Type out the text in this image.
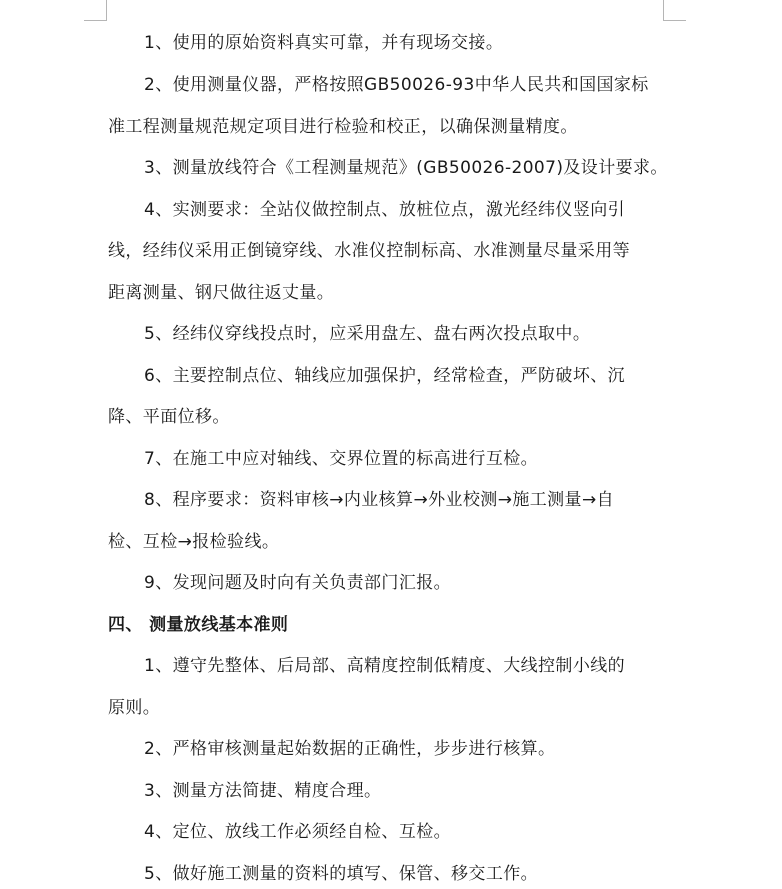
1、使用的原始资料真实可靠，并有现场交接。
2、使用测量仪器，严格按照GB50026-93中华人民共和国国家标
准工程测量规范规定项目进行检验和校正，以确保测量精度。
3、测量放线符合《工程测量规范》(GB50026-2007)及设计要求。
4、实测要求：全站仪做控制点、放桩位点，激光经纬仪竖向引
线，经纬仪采用正倒镜穿线、水准仪控制标高、水准测量尽量采用等
距离测量、钢尺做往返丈量。
5、经纬仪穿线投点时，应采用盘左、盘右两次投点取中。
6、主要控制点位、轴线应加强保护，经常检查，严防破坏、沉
降、平面位移。
7、在施工中应对轴线、交界位置的标高进行互检。
8、程序要求：资料审核→内业核算→外业校测→施工测量→自
检、互检→报检验线。
9、发现问题及时向有关负责部门汇报。
四、 测量放线基本准则
1、遵守先整体、后局部、高精度控制低精度、大线控制小线的
原则。
2、严格审核测量起始数据的正确性，步步进行核算。
3、测量方法简捷、精度合理。
4、定位、放线工作必须经自检、互检。
5、做好施工测量的资料的填写、保管、移交工作。
